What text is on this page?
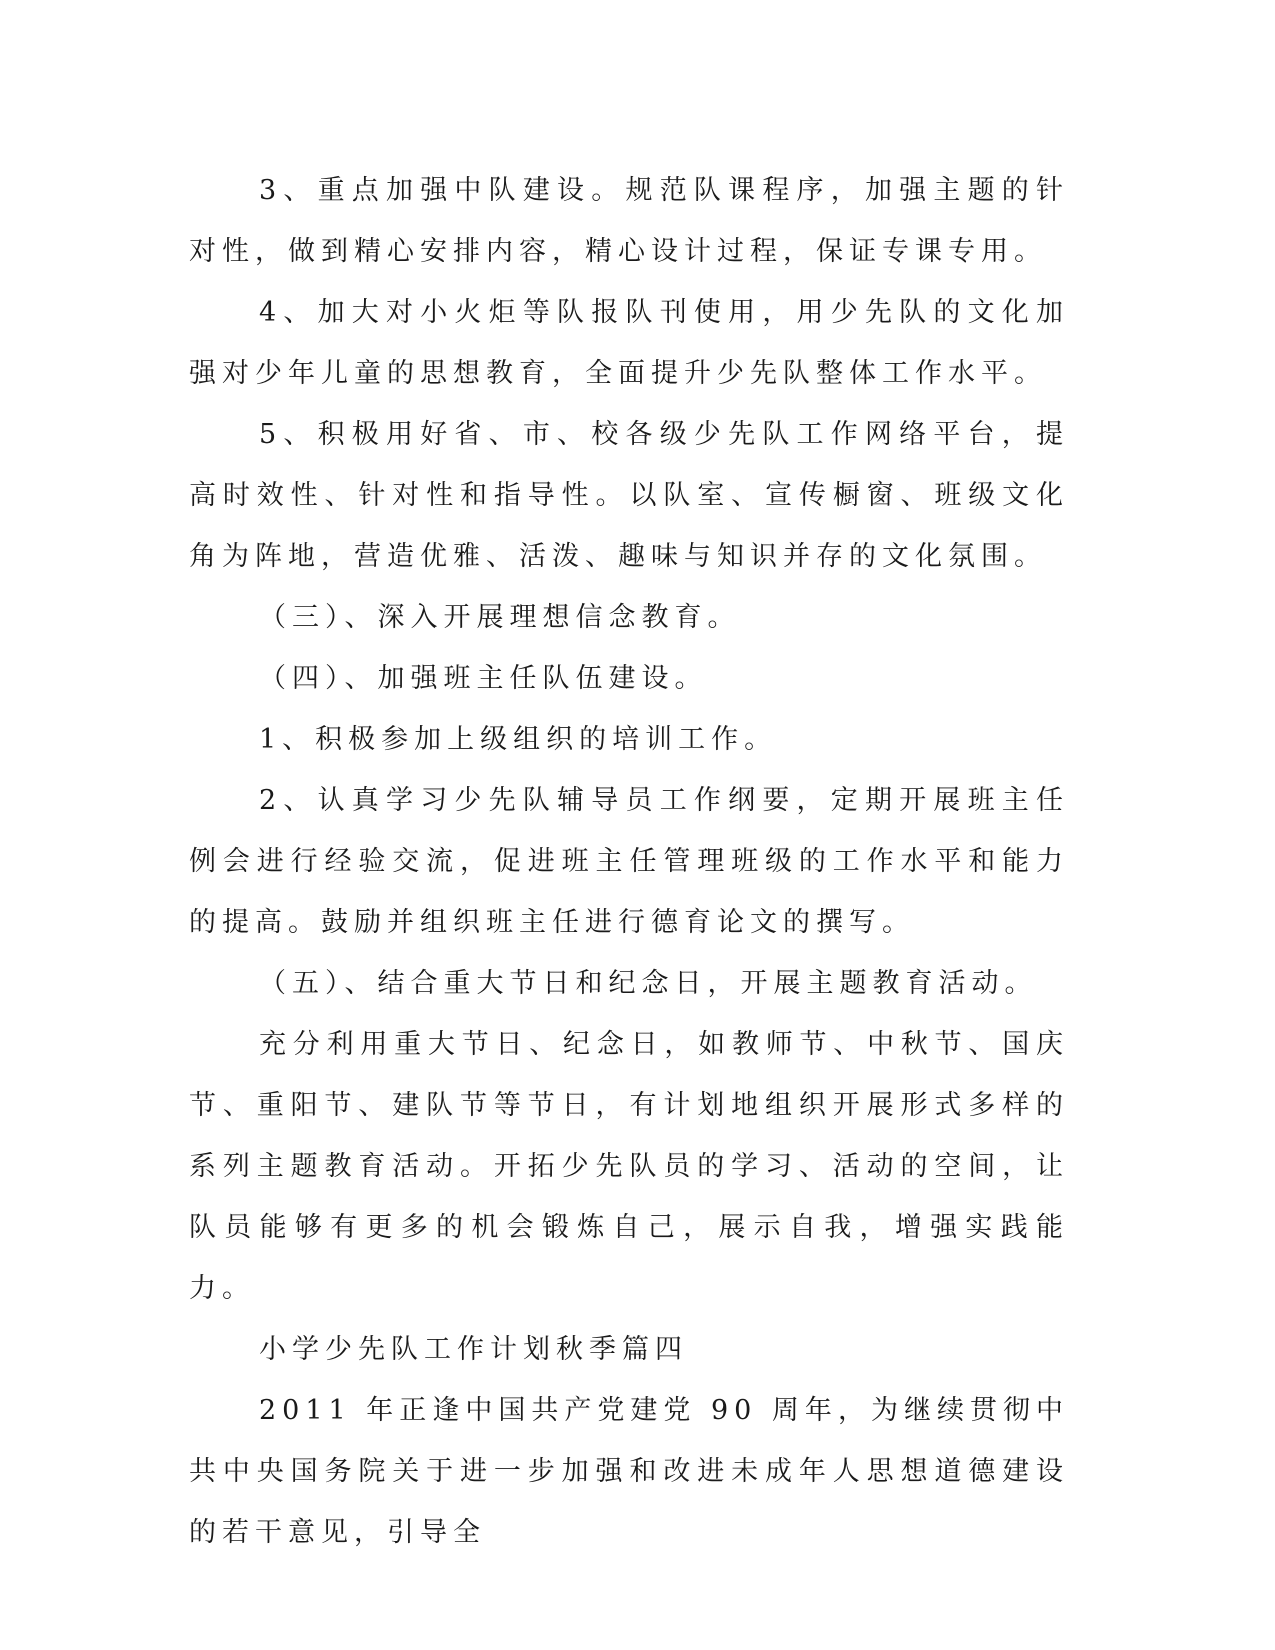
3、重点加强中队建设。规范队课程序，加强主题的针对性，做到精心安排内容，精心设计过程，保证专课专用。

4、加大对小火炬等队报队刊使用，用少先队的文化加强对少年儿童的思想教育，全面提升少先队整体工作水平。

5、积极用好省、市、校各级少先队工作网络平台，提高时效性、针对性和指导性。以队室、宣传橱窗、班级文化角为阵地，营造优雅、活泼、趣味与知识并存的文化氛围。

（三）、深入开展理想信念教育。

（四）、加强班主任队伍建设。

1、积极参加上级组织的培训工作。

2、认真学习少先队辅导员工作纲要，定期开展班主任例会进行经验交流，促进班主任管理班级的工作水平和能力的提高。鼓励并组织班主任进行德育论文的撰写。

（五）、结合重大节日和纪念日，开展主题教育活动。

充分利用重大节日、纪念日，如教师节、中秋节、国庆节、重阳节、建队节等节日，有计划地组织开展形式多样的系列主题教育活动。开拓少先队员的学习、活动的空间，让队员能够有更多的机会锻炼自己，展示自我，增强实践能力。

小学少先队工作计划秋季篇四

2011 年正逢中国共产党建党 90 周年，为继续贯彻中共中央国务院关于进一步加强和改进未成年人思想道德建设的若干意见，引导全
